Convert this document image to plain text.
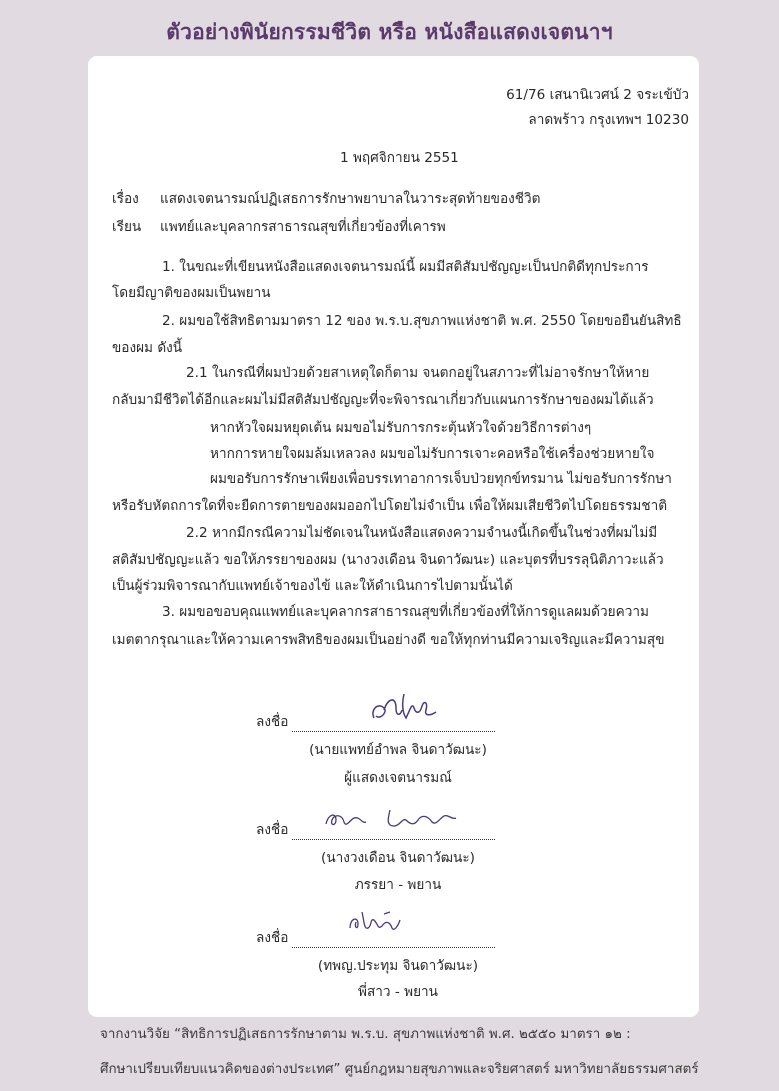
ตัวอย่างพินัยกรรมชีวิต หรือ หนังสือแสดงเจตนาฯ
61/76 เสนานิเวศน์ 2 จระเข้บัว
ลาดพร้าว กรุงเทพฯ 10230
1 พฤศจิกายน 2551
เรื่อง แสดงเจตนารมณ์ปฏิเสธการรักษาพยาบาลในวาระสุดท้ายของชีวิต
เรียน แพทย์และบุคลากรสาธารณสุขที่เกี่ยวข้องที่เคารพ
1. ในขณะที่เขียนหนังสือแสดงเจตนารมณ์นี้ ผมมีสติสัมปชัญญะเป็นปกติดีทุกประการ
โดยมีญาติของผมเป็นพยาน
2. ผมขอใช้สิทธิตามมาตรา 12 ของ พ.ร.บ.สุขภาพแห่งชาติ พ.ศ. 2550 โดยขอยืนยันสิทธิ
ของผม ดังนี้
2.1 ในกรณีที่ผมป่วยด้วยสาเหตุใดก็ตาม จนตกอยู่ในสภาวะที่ไม่อาจรักษาให้หาย
กลับมามีชีวิตได้อีกและผมไม่มีสติสัมปชัญญะที่จะพิจารณาเกี่ยวกับแผนการรักษาของผมได้แล้ว
หากหัวใจผมหยุดเต้น ผมขอไม่รับการกระตุ้นหัวใจด้วยวิธีการต่างๆ
หากการหายใจผมล้มเหลวลง ผมขอไม่รับการเจาะคอหรือใช้เครื่องช่วยหายใจ
ผมขอรับการรักษาเพียงเพื่อบรรเทาอาการเจ็บป่วยทุกข์ทรมาน ไม่ขอรับการรักษา
หรือรับหัตถการใดที่จะยืดการตายของผมออกไปโดยไม่จำเป็น เพื่อให้ผมเสียชีวิตไปโดยธรรมชาติ
2.2 หากมีกรณีความไม่ชัดเจนในหนังสือแสดงความจำนงนี้เกิดขึ้นในช่วงที่ผมไม่มี
สติสัมปชัญญะแล้ว ขอให้ภรรยาของผม (นางวงเดือน จินดาวัฒนะ) และบุตรที่บรรลุนิติภาวะแล้ว
เป็นผู้ร่วมพิจารณากับแพทย์เจ้าของไข้ และให้ดำเนินการไปตามนั้นได้
3. ผมขอขอบคุณแพทย์และบุคลากรสาธารณสุขที่เกี่ยวข้องที่ให้การดูแลผมด้วยความ
เมตตากรุณาและให้ความเคารพสิทธิของผมเป็นอย่างดี ขอให้ทุกท่านมีความเจริญและมีความสุข
ลงชื่อ
(นายแพทย์อำพล จินดาวัฒนะ)
ผู้แสดงเจตนารมณ์
ลงชื่อ
(นางวงเดือน จินดาวัฒนะ)
ภรรยา - พยาน
ลงชื่อ
(ทพญ.ประทุม จินดาวัฒนะ)
พี่สาว - พยาน
จากงานวิจัย “สิทธิการปฏิเสธการรักษาตาม พ.ร.บ. สุขภาพแห่งชาติ พ.ศ. ๒๕๕๐ มาตรา ๑๒ :
ศึกษาเปรียบเทียบแนวคิดของต่างประเทศ” ศูนย์กฎหมายสุขภาพและจริยศาสตร์ มหาวิทยาลัยธรรมศาสตร์
